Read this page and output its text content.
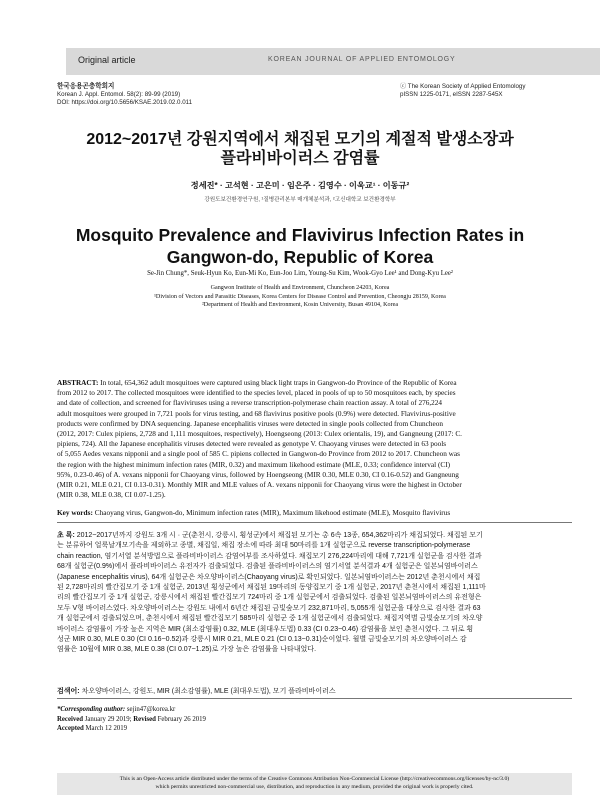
Original article	KOREAN JOURNAL OF APPLIED ENTOMOLOGY
한국응용곤충학회지
Korean J. Appl. Entomol. 58(2): 89-99 (2019)
DOI: https://doi.org/10.5656/KSAE.2019.02.0.011
ⓒ The Korean Society of Applied Entomology
pISSN 1225-0171, eISSN 2287-545X
2012~2017년 강원지역에서 채집된 모기의 계절적 발생소장과
플라비바이러스 감염률
정세진* · 고석현 · 고은미 · 임은주 · 김영수 · 이욱교¹ · 이동규²
강원도보건환경연구원, ¹질병관리본부 매개체분석과, ²고신대학교 보건환경학부
Mosquito Prevalence and Flavivirus Infection Rates in
Gangwon-do, Republic of Korea
Se-Jin Chung*, Seuk-Hyun Ko, Eun-Mi Ko, Eun-Joo Lim, Young-Su Kim, Wook-Gyo Lee¹ and Dong-Kyu Lee²
Gangwon Institute of Health and Environment, Chuncheon 24203, Korea
¹Division of Vectors and Parasitic Diseases, Korea Centers for Disease Control and Prevention, Cheongju 28159, Korea
²Department of Health and Environment, Kosin University, Busan 49104, Korea
ABSTRACT: In total, 654,362 adult mosquitoes were captured using black light traps in Gangwon-do Province of the Republic of Korea
from 2012 to 2017. The collected mosquitoes were identified to the species level, placed in pools of up to 50 mosquitoes each, by species
and date of collection, and screened for flaviviruses using a reverse transcription-polymerase chain reaction assay. A total of 276,224
adult mosquitoes were grouped in 7,721 pools for virus testing, and 68 flavivirus positive pools (0.9%) were detected. Flavivirus-positive
products were confirmed by DNA sequencing. Japanese encephalitis viruses were detected in single pools collected from Chuncheon
(2012, 2017: Culex pipiens, 2,728 and 1,111 mosquitoes, respectively), Hoengseong (2013: Culex orientalis, 19), and Gangneung (2017: C.
pipiens, 724). All the Japanese encephalitis viruses detected were revealed as genotype V. Chaoyang viruses were detected in 63 pools
of 5,055 Aedes vexans nipponii and a single pool of 585 C. pipiens collected in Gangwon-do Province from 2012 to 2017. Chuncheon was
the region with the highest minimum infection rates (MIR, 0.32) and maximum likehood estimate (MLE, 0.33; confidence interval (CI)
95%, 0.23-0.46) of A. vexans nipponii for Chaoyang virus, followed by Hoengseong (MIR 0.30, MLE 0.30, CI 0.16-0.52) and Gangneung
(MIR 0.21, MLE 0.21, CI 0.13-0.31). Monthly MIR and MLE values of A. vexans nipponii for Chaoyang virus were the highest in October
(MIR 0.38, MLE 0.38, CI 0.07-1.25).
Key words: Chaoyang virus, Gangwon-do, Minimum infection rates (MIR), Maximum likehood estimate (MLE), Mosquito flavivirus
초 록: 2012~2017년까지 강원도 3개 시 · 군(춘천시, 강릉시, 횡성군)에서 채집된 모기는 총 6속 13종, 654,362마리가 채집되었다. 채집된 모기
는 분류하여 얼룩날개모기속을 제외하고 종별, 채집일, 채집 장소에 따라 최대 50마리를 1개 실험군으로 reverse transcription-polymerase
chain reaction, 염기서열 분석방법으로 플라비바이러스 감염여부를 조사하였다. 채집모기 276,224마리에 대해 7,721개 실험군을 검사한 결과
68개 실험군(0.9%)에서 플라비바이러스 유전자가 검출되었다. 검출된 플라비바이러스의 염기서열 분석결과 4개 실험군은 일본뇌염바이러스
(Japanese encephalitis virus), 64개 실험군은 차오양바이러스(Chaoyang virus)로 확인되었다. 일본뇌염바이러스는 2012년 춘천시에서 채집
된 2,728마리의 빨간집모기 중 1개 실험군, 2013년 횡성군에서 채집된 19마리의 동양집모기 중 1개 실험군, 2017년 춘천시에서 채집된 1,111마
리의 빨간집모기 중 1개 실험군, 강릉시에서 채집된 빨간집모기 724마리 중 1개 실험군에서 검출되었다. 검출된 일본뇌염바이러스의 유전형은
모두 V형 바이러스였다. 차오양바이러스는 강원도 내에서 6년간 채집된 금빛숲모기 232,871마리, 5,055개 실험군을 대상으로 검사한 결과 63
개 실험군에서 검출되었으며, 춘천시에서 채집된 빨간집모기 585마리 실험군 중 1개 실험군에서 검출되었다. 채집지역별 금빛숲모기의 차오양
바이러스 감염률이 가장 높은 지역은 MIR (최소감염률) 0.32, MLE (최대우도법) 0.33 (CI 0.23~0.46) 감염률을 보인 춘천시였다. 그 뒤로 횡
성군 MIR 0.30, MLE 0.30 (CI 0.16~0.52)과 강릉시 MIR 0.21, MLE 0.21 (CI 0.13~0.31)순이었다. 월별 금빛숲모기의 차오양바이러스 감
염률은 10월에 MIR 0.38, MLE 0.38 (CI 0.07~1.25)로 가장 높은 감염률을 나타내었다.
검색어: 차오양바이러스, 강원도, MIR (최소감염률), MLE (최대우도법), 모기 플라비바이러스
*Corresponding author: sejin47@korea.kr
Received January 29 2019; Revised February 26 2019
Accepted March 12 2019
This is an Open-Access article distributed under the terms of the Creative Commons Attribution Non-Commercial License (http://creativecommons.org/licenses/by-nc/3.0)
which permits unrestricted non-commercial use, distribution, and reproduction in any medium, provided the original work is properly cited.
